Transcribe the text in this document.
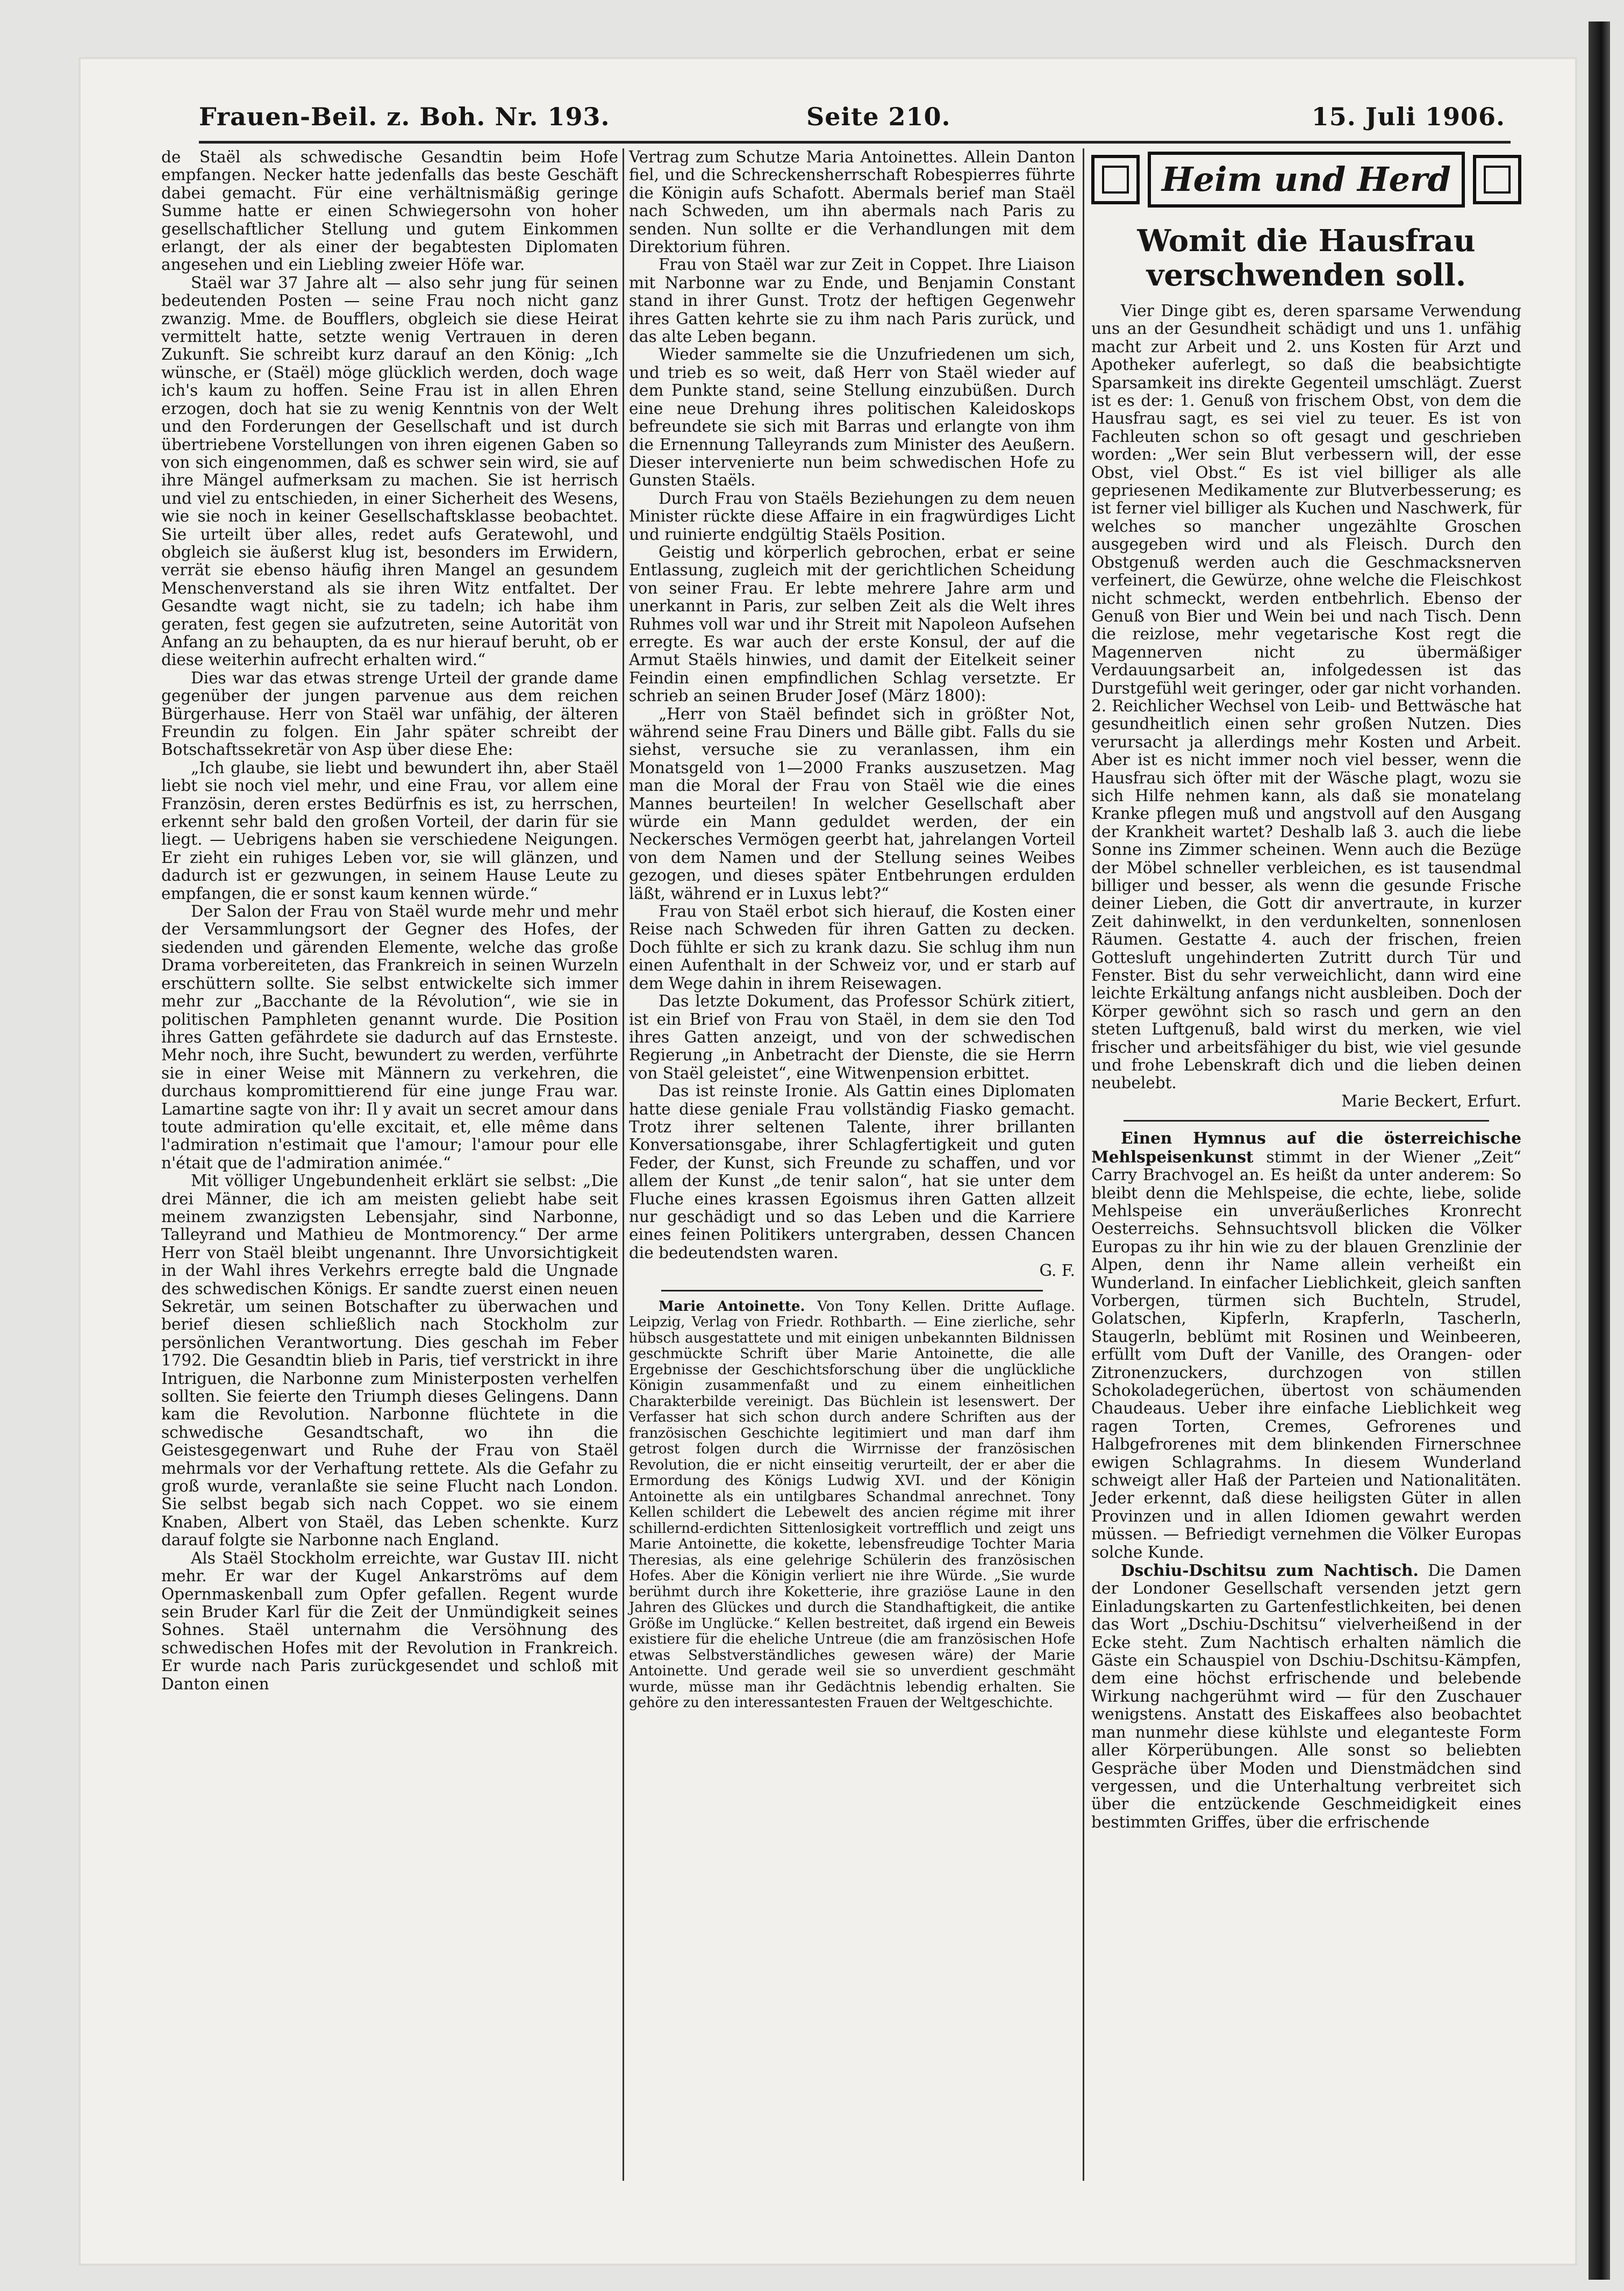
Frauen-Beil. z. Boh. Nr. 193.	Seite 210.	15. Juli 1906.

de Staël als schwedische Gesandtin beim Hofe empfangen. Necker hatte jedenfalls das beste Geschäft dabei gemacht. Für eine verhältnismäßig geringe Summe hatte er einen Schwiegersohn von hoher gesellschaftlicher Stellung und gutem Einkommen erlangt, der als einer der begabtesten Diplomaten angesehen und ein Liebling zweier Höfe war.

Staël war 37 Jahre alt — also sehr jung für seinen bedeutenden Posten — seine Frau noch nicht ganz zwanzig. Mme. de Boufflers, obgleich sie diese Heirat vermittelt hatte, setzte wenig Vertrauen in deren Zukunft. Sie schreibt kurz darauf an den König: „Ich wünsche, er (Staël) möge glücklich werden, doch wage ich's kaum zu hoffen. Seine Frau ist in allen Ehren erzogen, doch hat sie zu wenig Kenntnis von der Welt und den Forderungen der Gesellschaft und ist durch übertriebene Vorstellungen von ihren eigenen Gaben so von sich eingenommen, daß es schwer sein wird, sie auf ihre Mängel aufmerksam zu machen. Sie ist herrisch und viel zu entschieden, in einer Sicherheit des Wesens, wie sie noch in keiner Gesellschaftsklasse beobachtet. Sie urteilt über alles, redet aufs Geratewohl, und obgleich sie äußerst klug ist, besonders im Erwidern, verrät sie ebenso häufig ihren Mangel an gesundem Menschenverstand als sie ihren Witz entfaltet. Der Gesandte wagt nicht, sie zu tadeln; ich habe ihm geraten, fest gegen sie aufzutreten, seine Autorität von Anfang an zu behaupten, da es nur hierauf beruht, ob er diese weiterhin aufrecht erhalten wird.“

Dies war das etwas strenge Urteil der grande dame gegenüber der jungen parvenue aus dem reichen Bürgerhause. Herr von Staël war unfähig, der älteren Freundin zu folgen. Ein Jahr später schreibt der Botschaftssekretär von Asp über diese Ehe:

„Ich glaube, sie liebt und bewundert ihn, aber Staël liebt sie noch viel mehr, und eine Frau, vor allem eine Französin, deren erstes Bedürfnis es ist, zu herrschen, erkennt sehr bald den großen Vorteil, der darin für sie liegt. — Uebrigens haben sie verschiedene Neigungen. Er zieht ein ruhiges Leben vor, sie will glänzen, und dadurch ist er gezwungen, in seinem Hause Leute zu empfangen, die er sonst kaum kennen würde.“

Der Salon der Frau von Staël wurde mehr und mehr der Versammlungsort der Gegner des Hofes, der siedenden und gärenden Elemente, welche das große Drama vorbereiteten, das Frankreich in seinen Wurzeln erschüttern sollte. Sie selbst entwickelte sich immer mehr zur „Bacchante de la Révolution“, wie sie in politischen Pamphleten genannt wurde. Die Position ihres Gatten gefährdete sie dadurch auf das Ernsteste. Mehr noch, ihre Sucht, bewundert zu werden, verführte sie in einer Weise mit Männern zu verkehren, die durchaus kompromittierend für eine junge Frau war. Lamartine sagte von ihr: Il y avait un secret amour dans toute admiration qu'elle excitait, et, elle même dans l'admiration n'estimait que l'amour; l'amour pour elle n'était que de l'admiration animée.“

Mit völliger Ungebundenheit erklärt sie selbst: „Die drei Männer, die ich am meisten geliebt habe seit meinem zwanzigsten Lebensjahr, sind Narbonne, Talleyrand und Mathieu de Montmorency.“ Der arme Herr von Staël bleibt ungenannt. Ihre Unvorsichtigkeit in der Wahl ihres Verkehrs erregte bald die Ungnade des schwedischen Königs. Er sandte zuerst einen neuen Sekretär, um seinen Botschafter zu überwachen und berief diesen schließlich nach Stockholm zur persönlichen Verantwortung. Dies geschah im Feber 1792. Die Gesandtin blieb in Paris, tief verstrickt in ihre Intriguen, die Narbonne zum Ministerposten verhelfen sollten. Sie feierte den Triumph dieses Gelingens. Dann kam die Revolution. Narbonne flüchtete in die schwedische Gesandtschaft, wo ihn die Geistesgegenwart und Ruhe der Frau von Staël mehrmals vor der Verhaftung rettete. Als die Gefahr zu groß wurde, veranlaßte sie seine Flucht nach London. Sie selbst begab sich nach Coppet. wo sie einem Knaben, Albert von Staël, das Leben schenkte. Kurz darauf folgte sie Narbonne nach England.

Als Staël Stockholm erreichte, war Gustav III. nicht mehr. Er war der Kugel Ankarströms auf dem Opernmaskenball zum Opfer gefallen. Regent wurde sein Bruder Karl für die Zeit der Unmündigkeit seines Sohnes. Staël unternahm die Versöhnung des schwedischen Hofes mit der Revolution in Frankreich. Er wurde nach Paris zurückgesendet und schloß mit Danton einen

Vertrag zum Schutze Maria Antoinettes. Allein Danton fiel, und die Schreckensherrschaft Robespierres führte die Königin aufs Schafott. Abermals berief man Staël nach Schweden, um ihn abermals nach Paris zu senden. Nun sollte er die Verhandlungen mit dem Direktorium führen.

Frau von Staël war zur Zeit in Coppet. Ihre Liaison mit Narbonne war zu Ende, und Benjamin Constant stand in ihrer Gunst. Trotz der heftigen Gegenwehr ihres Gatten kehrte sie zu ihm nach Paris zurück, und das alte Leben begann.

Wieder sammelte sie die Unzufriedenen um sich, und trieb es so weit, daß Herr von Staël wieder auf dem Punkte stand, seine Stellung einzubüßen. Durch eine neue Drehung ihres politischen Kaleidoskops befreundete sie sich mit Barras und erlangte von ihm die Ernennung Talleyrands zum Minister des Aeußern. Dieser intervenierte nun beim schwedischen Hofe zu Gunsten Staëls.

Durch Frau von Staëls Beziehungen zu dem neuen Minister rückte diese Affaire in ein fragwürdiges Licht und ruinierte endgültig Staëls Position.

Geistig und körperlich gebrochen, erbat er seine Entlassung, zugleich mit der gerichtlichen Scheidung von seiner Frau. Er lebte mehrere Jahre arm und unerkannt in Paris, zur selben Zeit als die Welt ihres Ruhmes voll war und ihr Streit mit Napoleon Aufsehen erregte. Es war auch der erste Konsul, der auf die Armut Staëls hinwies, und damit der Eitelkeit seiner Feindin einen empfindlichen Schlag versetzte. Er schrieb an seinen Bruder Josef (März 1800):

„Herr von Staël befindet sich in größter Not, während seine Frau Diners und Bälle gibt. Falls du sie siehst, versuche sie zu veranlassen, ihm ein Monatsgeld von 1—2000 Franks auszusetzen. Mag man die Moral der Frau von Staël wie die eines Mannes beurteilen! In welcher Gesellschaft aber würde ein Mann geduldet werden, der ein Neckersches Vermögen geerbt hat, jahrelangen Vorteil von dem Namen und der Stellung seines Weibes gezogen, und dieses später Entbehrungen erdulden läßt, während er in Luxus lebt?“

Frau von Staël erbot sich hierauf, die Kosten einer Reise nach Schweden für ihren Gatten zu decken. Doch fühlte er sich zu krank dazu. Sie schlug ihm nun einen Aufenthalt in der Schweiz vor, und er starb auf dem Wege dahin in ihrem Reisewagen.

Das letzte Dokument, das Professor Schürk zitiert, ist ein Brief von Frau von Staël, in dem sie den Tod ihres Gatten anzeigt, und von der schwedischen Regierung „in Anbetracht der Dienste, die sie Herrn von Staël geleistet“, eine Witwenpension erbittet.

Das ist reinste Ironie. Als Gattin eines Diplomaten hatte diese geniale Frau vollständig Fiasko gemacht. Trotz ihrer seltenen Talente, ihrer brillanten Konversationsgabe, ihrer Schlagfertigkeit und guten Feder, der Kunst, sich Freunde zu schaffen, und vor allem der Kunst „de tenir salon“, hat sie unter dem Fluche eines krassen Egoismus ihren Gatten allzeit nur geschädigt und so das Leben und die Karriere eines feinen Politikers untergraben, dessen Chancen die bedeutendsten waren.

G. F.

Marie Antoinette. Von Tony Kellen. Dritte Auflage. Leipzig, Verlag von Friedr. Rothbarth. — Eine zierliche, sehr hübsch ausgestattete und mit einigen unbekannten Bildnissen geschmückte Schrift über Marie Antoinette, die alle Ergebnisse der Geschichtsforschung über die unglückliche Königin zusammenfaßt und zu einem einheitlichen Charakterbilde vereinigt. Das Büchlein ist lesenswert. Der Verfasser hat sich schon durch andere Schriften aus der französischen Geschichte legitimiert und man darf ihm getrost folgen durch die Wirrnisse der französischen Revolution, die er nicht einseitig verurteilt, der er aber die Ermordung des Königs Ludwig XVI. und der Königin Antoinette als ein untilgbares Schandmal anrechnet. Tony Kellen schildert die Lebewelt des ancien régime mit ihrer schillernd-erdichten Sittenlosigkeit vortrefflich und zeigt uns Marie Antoinette, die kokette, lebensfreudige Tochter Maria Theresias, als eine gelehrige Schülerin des französischen Hofes. Aber die Königin verliert nie ihre Würde. „Sie wurde berühmt durch ihre Koketterie, ihre graziöse Laune in den Jahren des Glückes und durch die Standhaftigkeit, die antike Größe im Unglücke.“ Kellen bestreitet, daß irgend ein Beweis existiere für die eheliche Untreue (die am französischen Hofe etwas Selbstverständliches gewesen wäre) der Marie Antoinette. Und gerade weil sie so unverdient geschmäht wurde, müsse man ihr Gedächtnis lebendig erhalten. Sie gehöre zu den interessantesten Frauen der Weltgeschichte.

Heim und Herd
Womit die Hausfrau verschwenden soll.

Vier Dinge gibt es, deren sparsame Verwendung uns an der Gesundheit schädigt und uns 1. unfähig macht zur Arbeit und 2. uns Kosten für Arzt und Apotheker auferlegt, so daß die beabsichtigte Sparsamkeit ins direkte Gegenteil umschlägt. Zuerst ist es der: 1. Genuß von frischem Obst, von dem die Hausfrau sagt, es sei viel zu teuer. Es ist von Fachleuten schon so oft gesagt und geschrieben worden: „Wer sein Blut verbessern will, der esse Obst, viel Obst.“ Es ist viel billiger als alle gepriesenen Medikamente zur Blutverbesserung; es ist ferner viel billiger als Kuchen und Naschwerk, für welches so mancher ungezählte Groschen ausgegeben wird und als Fleisch. Durch den Obstgenuß werden auch die Geschmacksnerven verfeinert, die Gewürze, ohne welche die Fleischkost nicht schmeckt, werden entbehrlich. Ebenso der Genuß von Bier und Wein bei und nach Tisch. Denn die reizlose, mehr vegetarische Kost regt die Magennerven nicht zu übermäßiger Verdauungsarbeit an, infolgedessen ist das Durstgefühl weit geringer, oder gar nicht vorhanden. 2. Reichlicher Wechsel von Leib- und Bettwäsche hat gesundheitlich einen sehr großen Nutzen. Dies verursacht ja allerdings mehr Kosten und Arbeit. Aber ist es nicht immer noch viel besser, wenn die Hausfrau sich öfter mit der Wäsche plagt, wozu sie sich Hilfe nehmen kann, als daß sie monatelang Kranke pflegen muß und angstvoll auf den Ausgang der Krankheit wartet? Deshalb laß 3. auch die liebe Sonne ins Zimmer scheinen. Wenn auch die Bezüge der Möbel schneller verbleichen, es ist tausendmal billiger und besser, als wenn die gesunde Frische deiner Lieben, die Gott dir anvertraute, in kurzer Zeit dahinwelkt, in den verdunkelten, sonnenlosen Räumen. Gestatte 4. auch der frischen, freien Gottesluft ungehinderten Zutritt durch Tür und Fenster. Bist du sehr verweichlicht, dann wird eine leichte Erkältung anfangs nicht ausbleiben. Doch der Körper gewöhnt sich so rasch und gern an den steten Luftgenuß, bald wirst du merken, wie viel frischer und arbeitsfähiger du bist, wie viel gesunde und frohe Lebenskraft dich und die lieben deinen neubelebt.

Marie Beckert, Erfurt.

Einen Hymnus auf die österreichische Mehlspeisenkunst stimmt in der Wiener „Zeit“ Carry Brachvogel an. Es heißt da unter anderem: So bleibt denn die Mehlspeise, die echte, liebe, solide Mehlspeise ein unveräußerliches Kronrecht Oesterreichs. Sehnsuchtsvoll blicken die Völker Europas zu ihr hin wie zu der blauen Grenzlinie der Alpen, denn ihr Name allein verheißt ein Wunderland. In einfacher Lieblichkeit, gleich sanften Vorbergen, türmen sich Buchteln, Strudel, Golatschen, Kipferln, Krapferln, Tascherln, Staugerln, beblümt mit Rosinen und Weinbeeren, erfüllt vom Duft der Vanille, des Orangen- oder Zitronenzuckers, durchzogen von stillen Schokoladegerüchen, übertost von schäumenden Chaudeaus. Ueber ihre einfache Lieblichkeit weg ragen Torten, Cremes, Gefrorenes und Halbgefrorenes mit dem blinkenden Firnerschnee ewigen Schlagrahms. In diesem Wunderland schweigt aller Haß der Parteien und Nationalitäten. Jeder erkennt, daß diese heiligsten Güter in allen Provinzen und in allen Idiomen gewahrt werden müssen. — Befriedigt vernehmen die Völker Europas solche Kunde.

Dschiu-Dschitsu zum Nachtisch. Die Damen der Londoner Gesellschaft versenden jetzt gern Einladungskarten zu Gartenfestlichkeiten, bei denen das Wort „Dschiu-Dschitsu“ vielverheißend in der Ecke steht. Zum Nachtisch erhalten nämlich die Gäste ein Schauspiel von Dschiu-Dschitsu-Kämpfen, dem eine höchst erfrischende und belebende Wirkung nachgerühmt wird — für den Zuschauer wenigstens. Anstatt des Eiskaffees also beobachtet man nunmehr diese kühlste und eleganteste Form aller Körperübungen. Alle sonst so beliebten Gespräche über Moden und Dienstmädchen sind vergessen, und die Unterhaltung verbreitet sich über die entzückende Geschmeidigkeit eines bestimmten Griffes, über die erfrischende
